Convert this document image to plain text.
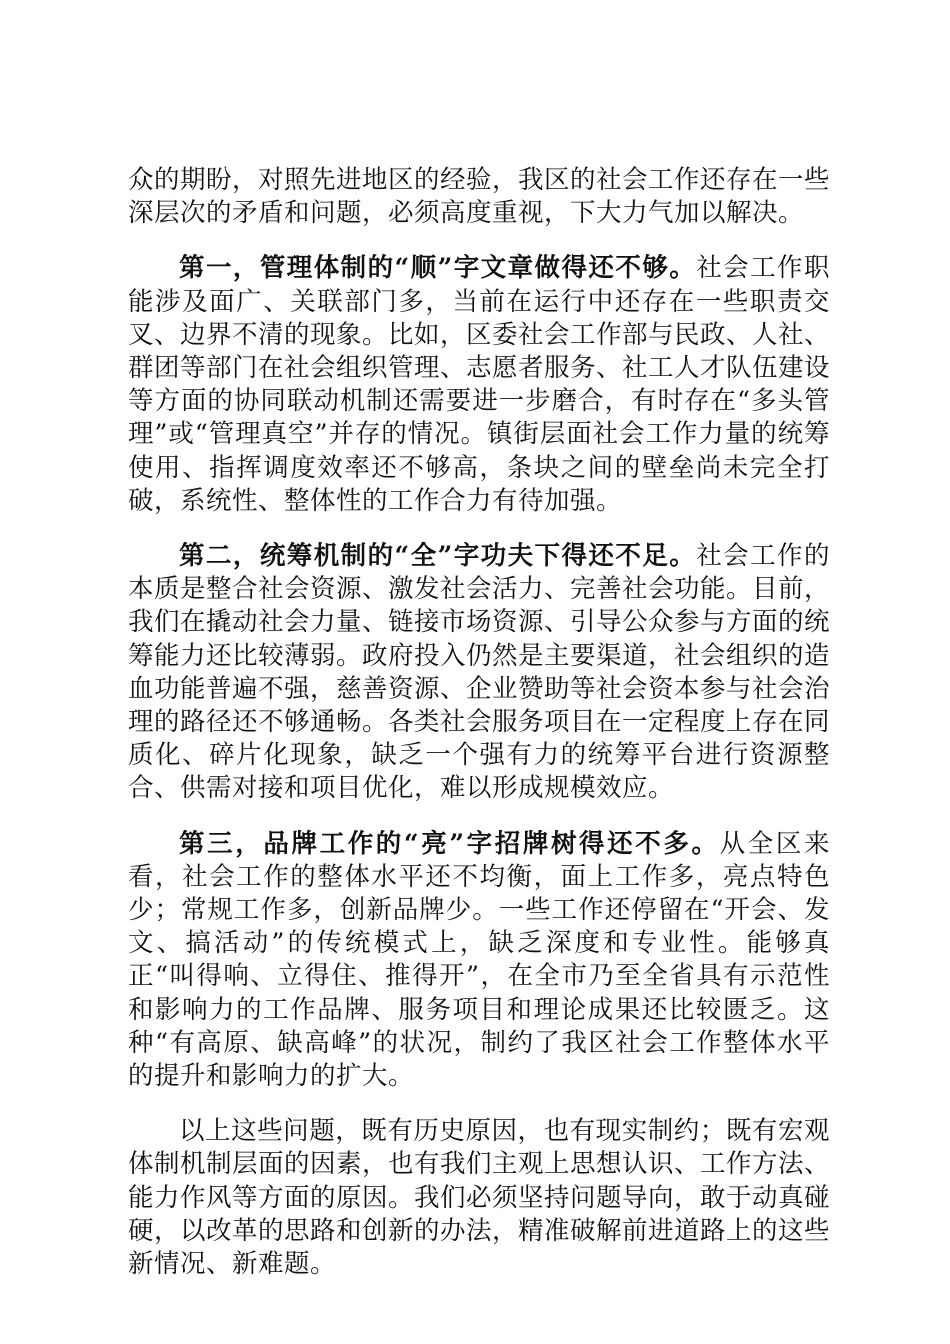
众的期盼，对照先进地区的经验，我区的社会工作还存在一些深层次的矛盾和问题，必须高度重视，下大力气加以解决。

第一，管理体制的“顺”字文章做得还不够。社会工作职能涉及面广、关联部门多，当前在运行中还存在一些职责交叉、边界不清的现象。比如，区委社会工作部与民政、人社、群团等部门在社会组织管理、志愿者服务、社工人才队伍建设等方面的协同联动机制还需要进一步磨合，有时存在“多头管理”或“管理真空”并存的情况。镇街层面社会工作力量的统筹使用、指挥调度效率还不够高，条块之间的壁垒尚未完全打破，系统性、整体性的工作合力有待加强。

第二，统筹机制的“全”字功夫下得还不足。社会工作的本质是整合社会资源、激发社会活力、完善社会功能。目前，我们在撬动社会力量、链接市场资源、引导公众参与方面的统筹能力还比较薄弱。政府投入仍然是主要渠道，社会组织的造血功能普遍不强，慈善资源、企业赞助等社会资本参与社会治理的路径还不够通畅。各类社会服务项目在一定程度上存在同质化、碎片化现象，缺乏一个强有力的统筹平台进行资源整合、供需对接和项目优化，难以形成规模效应。

第三，品牌工作的“亮”字招牌树得还不多。从全区来看，社会工作的整体水平还不均衡，面上工作多，亮点特色少；常规工作多，创新品牌少。一些工作还停留在“开会、发文、搞活动”的传统模式上，缺乏深度和专业性。能够真正“叫得响、立得住、推得开”，在全市乃至全省具有示范性和影响力的工作品牌、服务项目和理论成果还比较匮乏。这种“有高原、缺高峰”的状况，制约了我区社会工作整体水平的提升和影响力的扩大。

以上这些问题，既有历史原因，也有现实制约；既有宏观体制机制层面的因素，也有我们主观上思想认识、工作方法、能力作风等方面的原因。我们必须坚持问题导向，敢于动真碰硬，以改革的思路和创新的办法，精准破解前进道路上的这些新情况、新难题。
